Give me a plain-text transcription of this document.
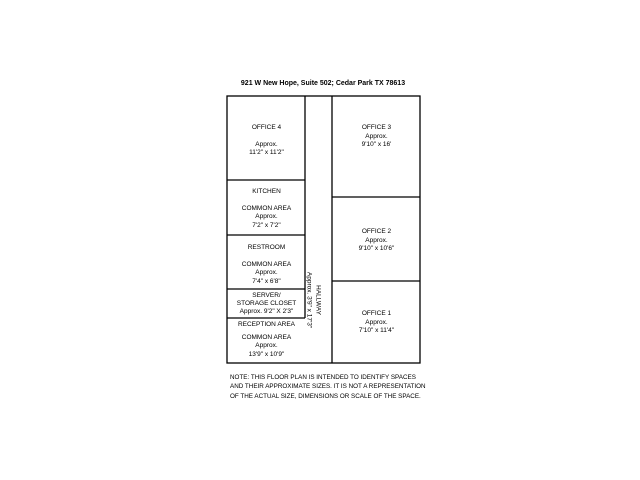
921 W New Hope, Suite 502; Cedar Park TX 78613
OFFICE 4
Approx.
11'2" x 11'2"
OFFICE 3
Approx.
9'10" x 16'
KITCHEN
COMMON AREA
Approx.
7'2" x 7'2"
OFFICE 2
Approx.
9'10" x 10'6"
RESTROOM
COMMON AREA
Approx.
7'4" x 6'8"
SERVER/
STORAGE CLOSET
Approx. 9'2" X 2'3"	OFFICE 1
Approx.
7'10" x 11'4"
RECEPTION AREA
COMMON AREA
Approx.
13'9" x 10'9"
HALLWAY
Approx. 3'9" x 17'3"
NOTE: THIS FLOOR PLAN IS INTENDED TO IDENTIFY SPACES AND THEIR APPROXIMATE SIZES. IT IS NOT A REPRESENTATION OF THE ACTUAL SIZE, DIMENSIONS OR SCALE OF THE SPACE.
